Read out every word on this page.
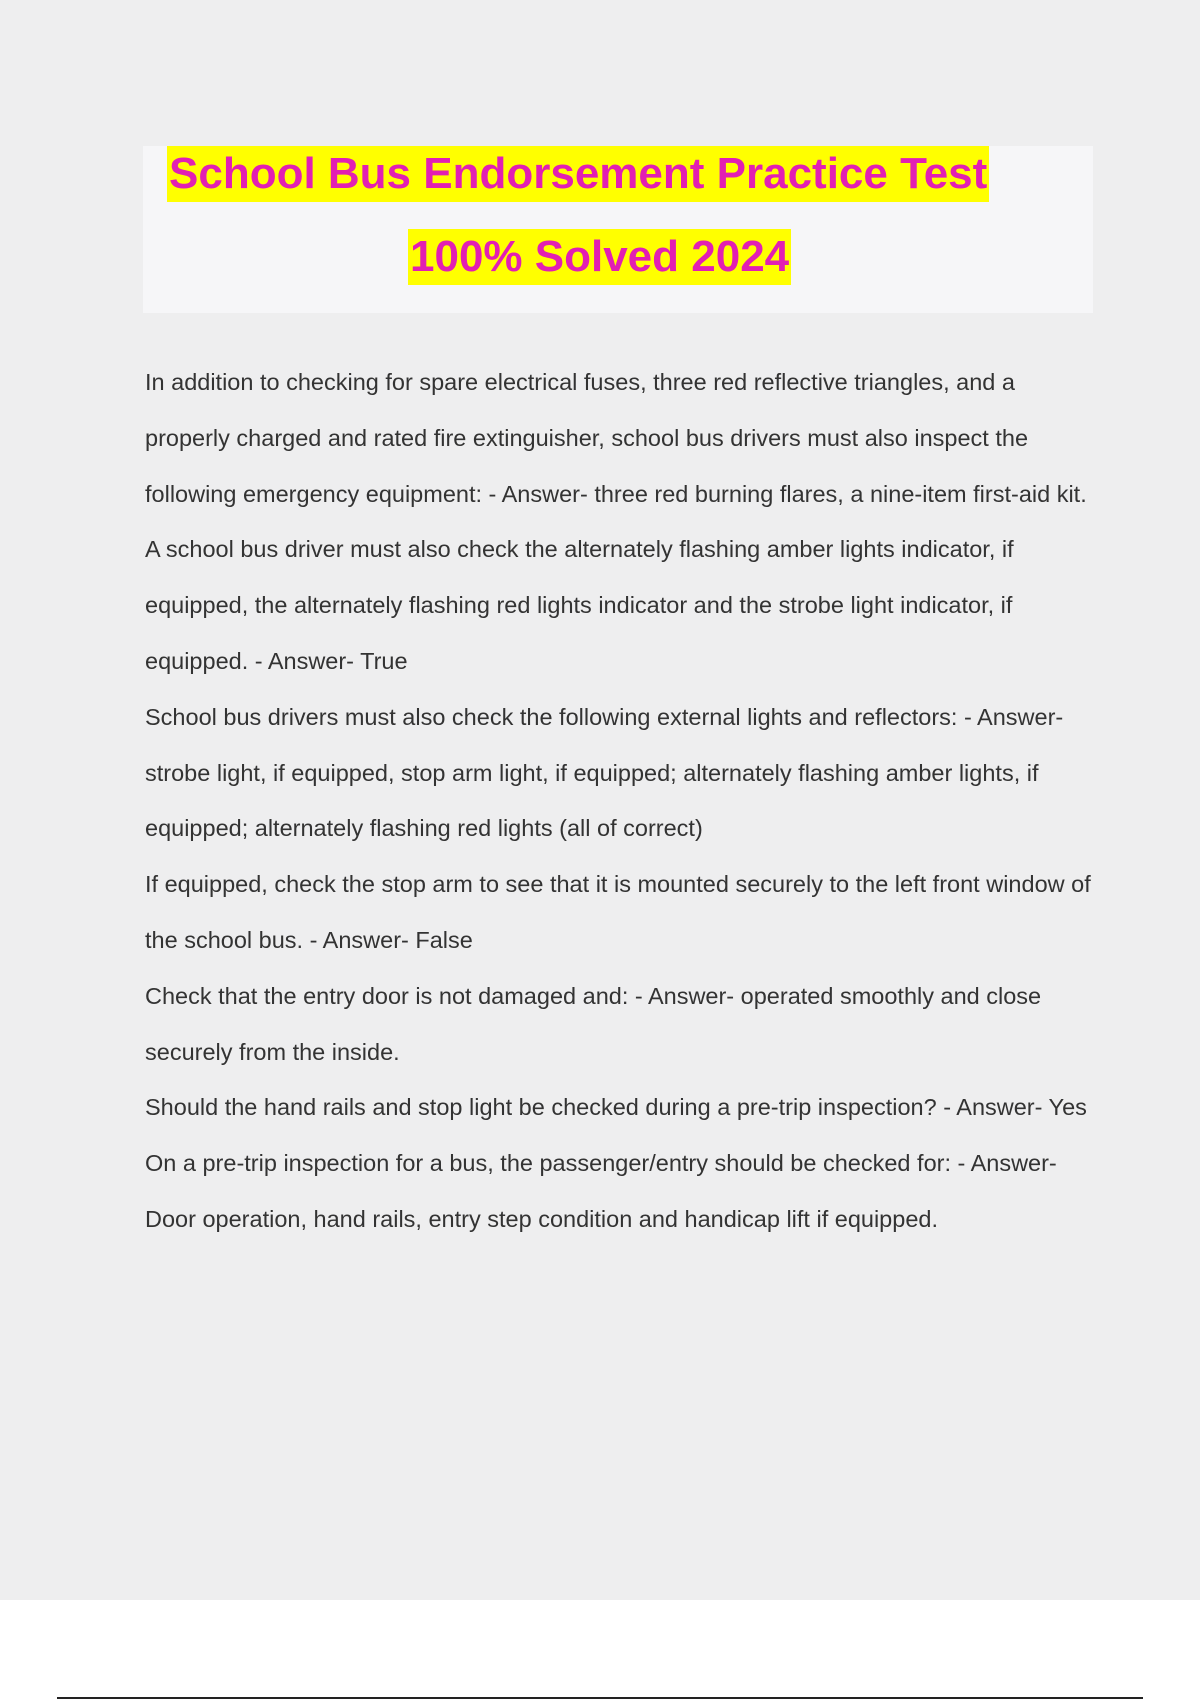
School Bus Endorsement Practice Test
100% Solved 2024

In addition to checking for spare electrical fuses, three red reflective triangles, and a properly charged and rated fire extinguisher, school bus drivers must also inspect the following emergency equipment: - Answer- three red burning flares, a nine-item first-aid kit.

A school bus driver must also check the alternately flashing amber lights indicator, if equipped, the alternately flashing red lights indicator and the strobe light indicator, if equipped. - Answer- True

School bus drivers must also check the following external lights and reflectors: - Answer- strobe light, if equipped, stop arm light, if equipped; alternately flashing amber lights, if equipped; alternately flashing red lights (all of correct)

If equipped, check the stop arm to see that it is mounted securely to the left front window of the school bus. - Answer- False

Check that the entry door is not damaged and: - Answer- operated smoothly and close securely from the inside.

Should the hand rails and stop light be checked during a pre-trip inspection? - Answer- Yes

On a pre-trip inspection for a bus, the passenger/entry should be checked for: - Answer- Door operation, hand rails, entry step condition and handicap lift if equipped.
